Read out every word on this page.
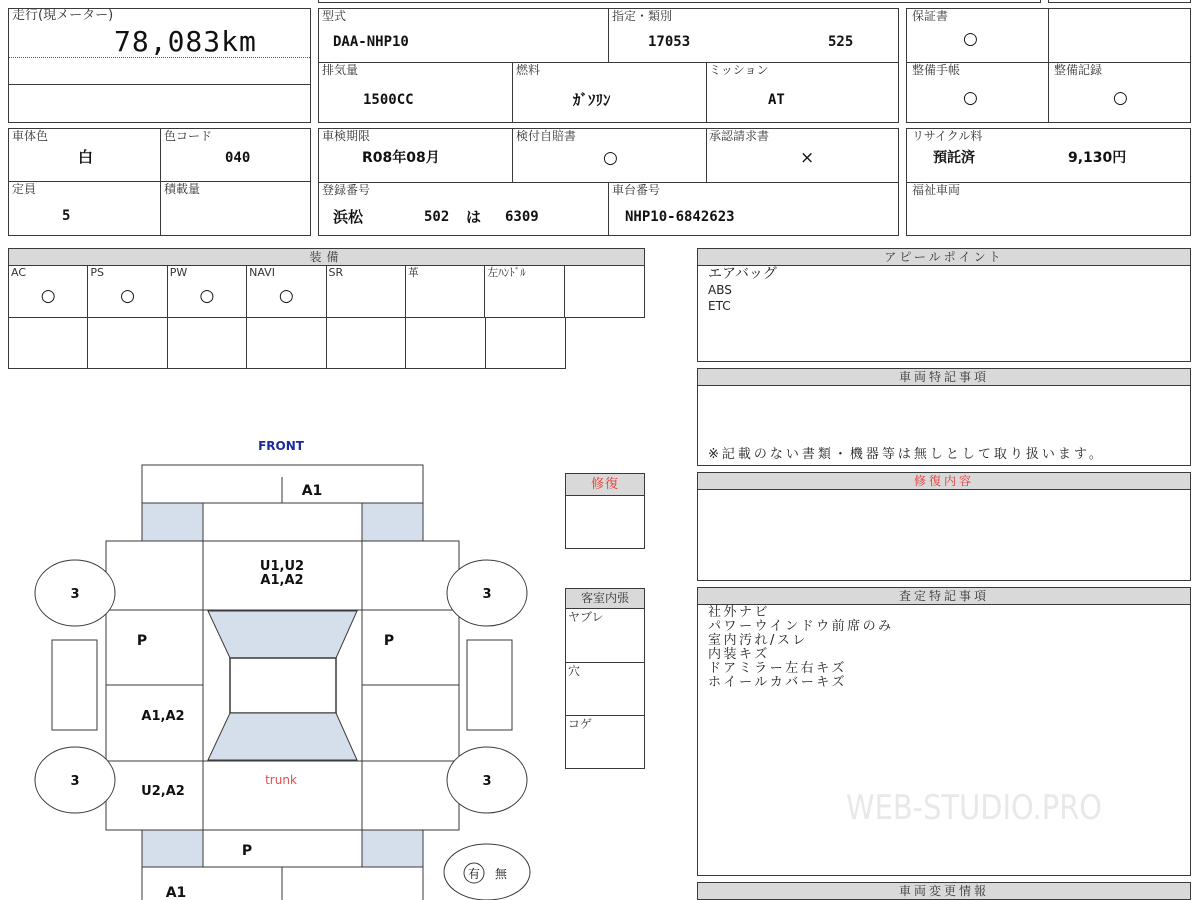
走行(現メーター)
78,083km
型式
DAA-NHP10
指定・類別
17053	525
排気量
1500CC
燃料
ｶﾞｿﾘﾝ
ミッション
AT
保証書
○
整備手帳
○
整備記録
○
車体色
白
色コード
040
定員
5
積載量
車検期限
R08年08月
検付自賠書
○
承認請求書
×
登録番号
浜松	502 は 6309
車台番号
NHP10-6842623
リサイクル料
預託済	9,130円
福祉車両
装備
AC
○
PS
○
PW
○
NAVI
○
SR	革	左ﾊﾝﾄﾞﾙ
アピールポイント
エアバッグ
ABS
ETC
車両特記事項
※記載のない書類・機器等は無しとして取り扱います。
修復内容
査定特記事項
社外ナビ
パワーウインドウ前席のみ
室内汚れ/スレ
内装キズ
ドアミラー左右キズ
ホイールカバーキズ
車両変更情報
修復
客室内張
ヤブレ
穴
コゲ
FRONT
A1
U1,U2
A1,A2
P	P
A1,A2
U2,A2
trunk
3	3
3	3
P
A1
有 無
WEB-STUDIO.PRO
